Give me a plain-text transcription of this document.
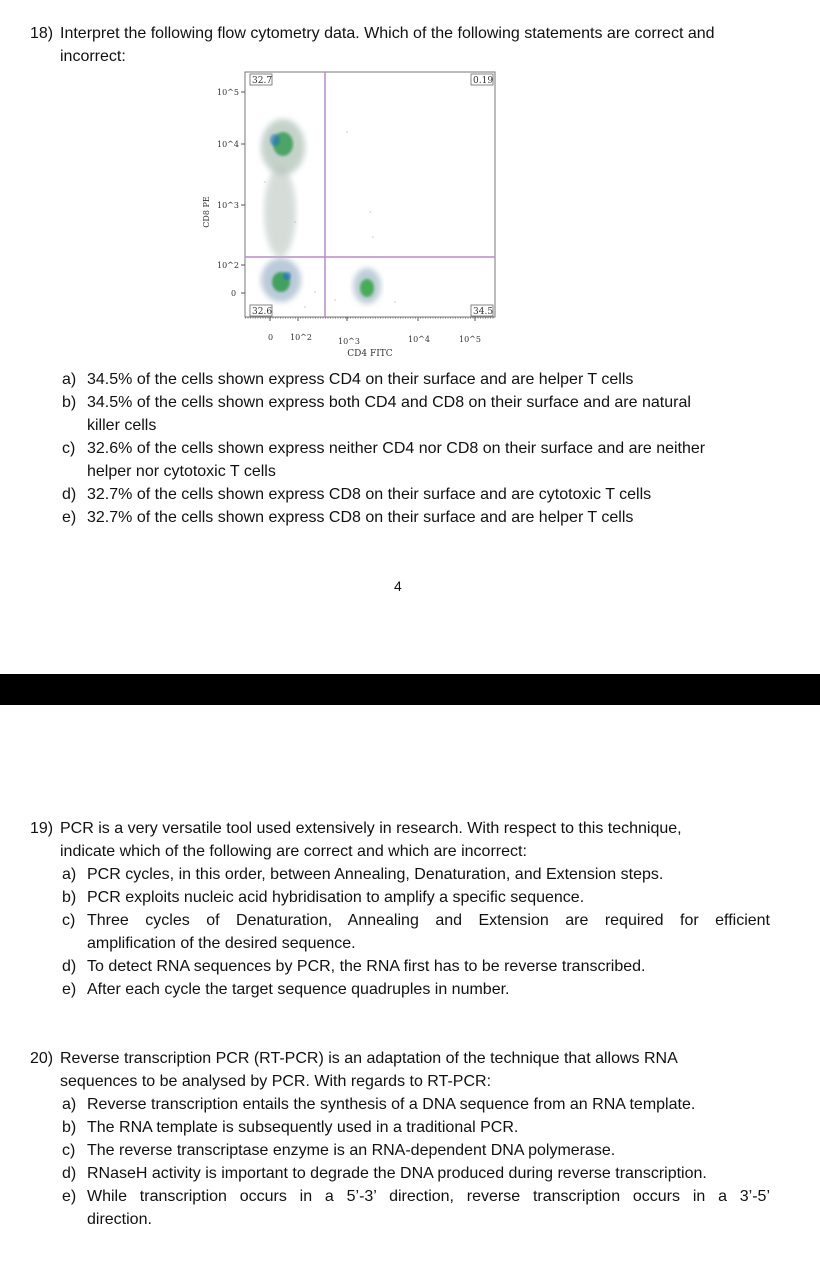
18) Interpret the following flow cytometry data. Which of the following statements are correct and
incorrect:
32.7	0.19
32.6	34.5
10^5
10^4
10^3
10^2
0
CD8 PE
0 10^2	10^3	10^4	10^5
CD4 FITC
a) 34.5% of the cells shown express CD4 on their surface and are helper T cells
b) 34.5% of the cells shown express both CD4 and CD8 on their surface and are natural
killer cells
c) 32.6% of the cells shown express neither CD4 nor CD8 on their surface and are neither
helper nor cytotoxic T cells
d) 32.7% of the cells shown express CD8 on their surface and are cytotoxic T cells
e) 32.7% of the cells shown express CD8 on their surface and are helper T cells
4
19) PCR is a very versatile tool used extensively in research. With respect to this technique,
indicate which of the following are correct and which are incorrect:
a) PCR cycles, in this order, between Annealing, Denaturation, and Extension steps.
b) PCR exploits nucleic acid hybridisation to amplify a specific sequence.
c) Three cycles of Denaturation, Annealing and Extension are required for efficient
amplification of the desired sequence.
d) To detect RNA sequences by PCR, the RNA first has to be reverse transcribed.
e) After each cycle the target sequence quadruples in number.
20) Reverse transcription PCR (RT-PCR) is an adaptation of the technique that allows RNA
sequences to be analysed by PCR. With regards to RT-PCR:
a) Reverse transcription entails the synthesis of a DNA sequence from an RNA template.
b) The RNA template is subsequently used in a traditional PCR.
c) The reverse transcriptase enzyme is an RNA-dependent DNA polymerase.
d) RNaseH activity is important to degrade the DNA produced during reverse transcription.
e) While transcription occurs in a 5’-3’ direction, reverse transcription occurs in a 3’-5’
direction.
